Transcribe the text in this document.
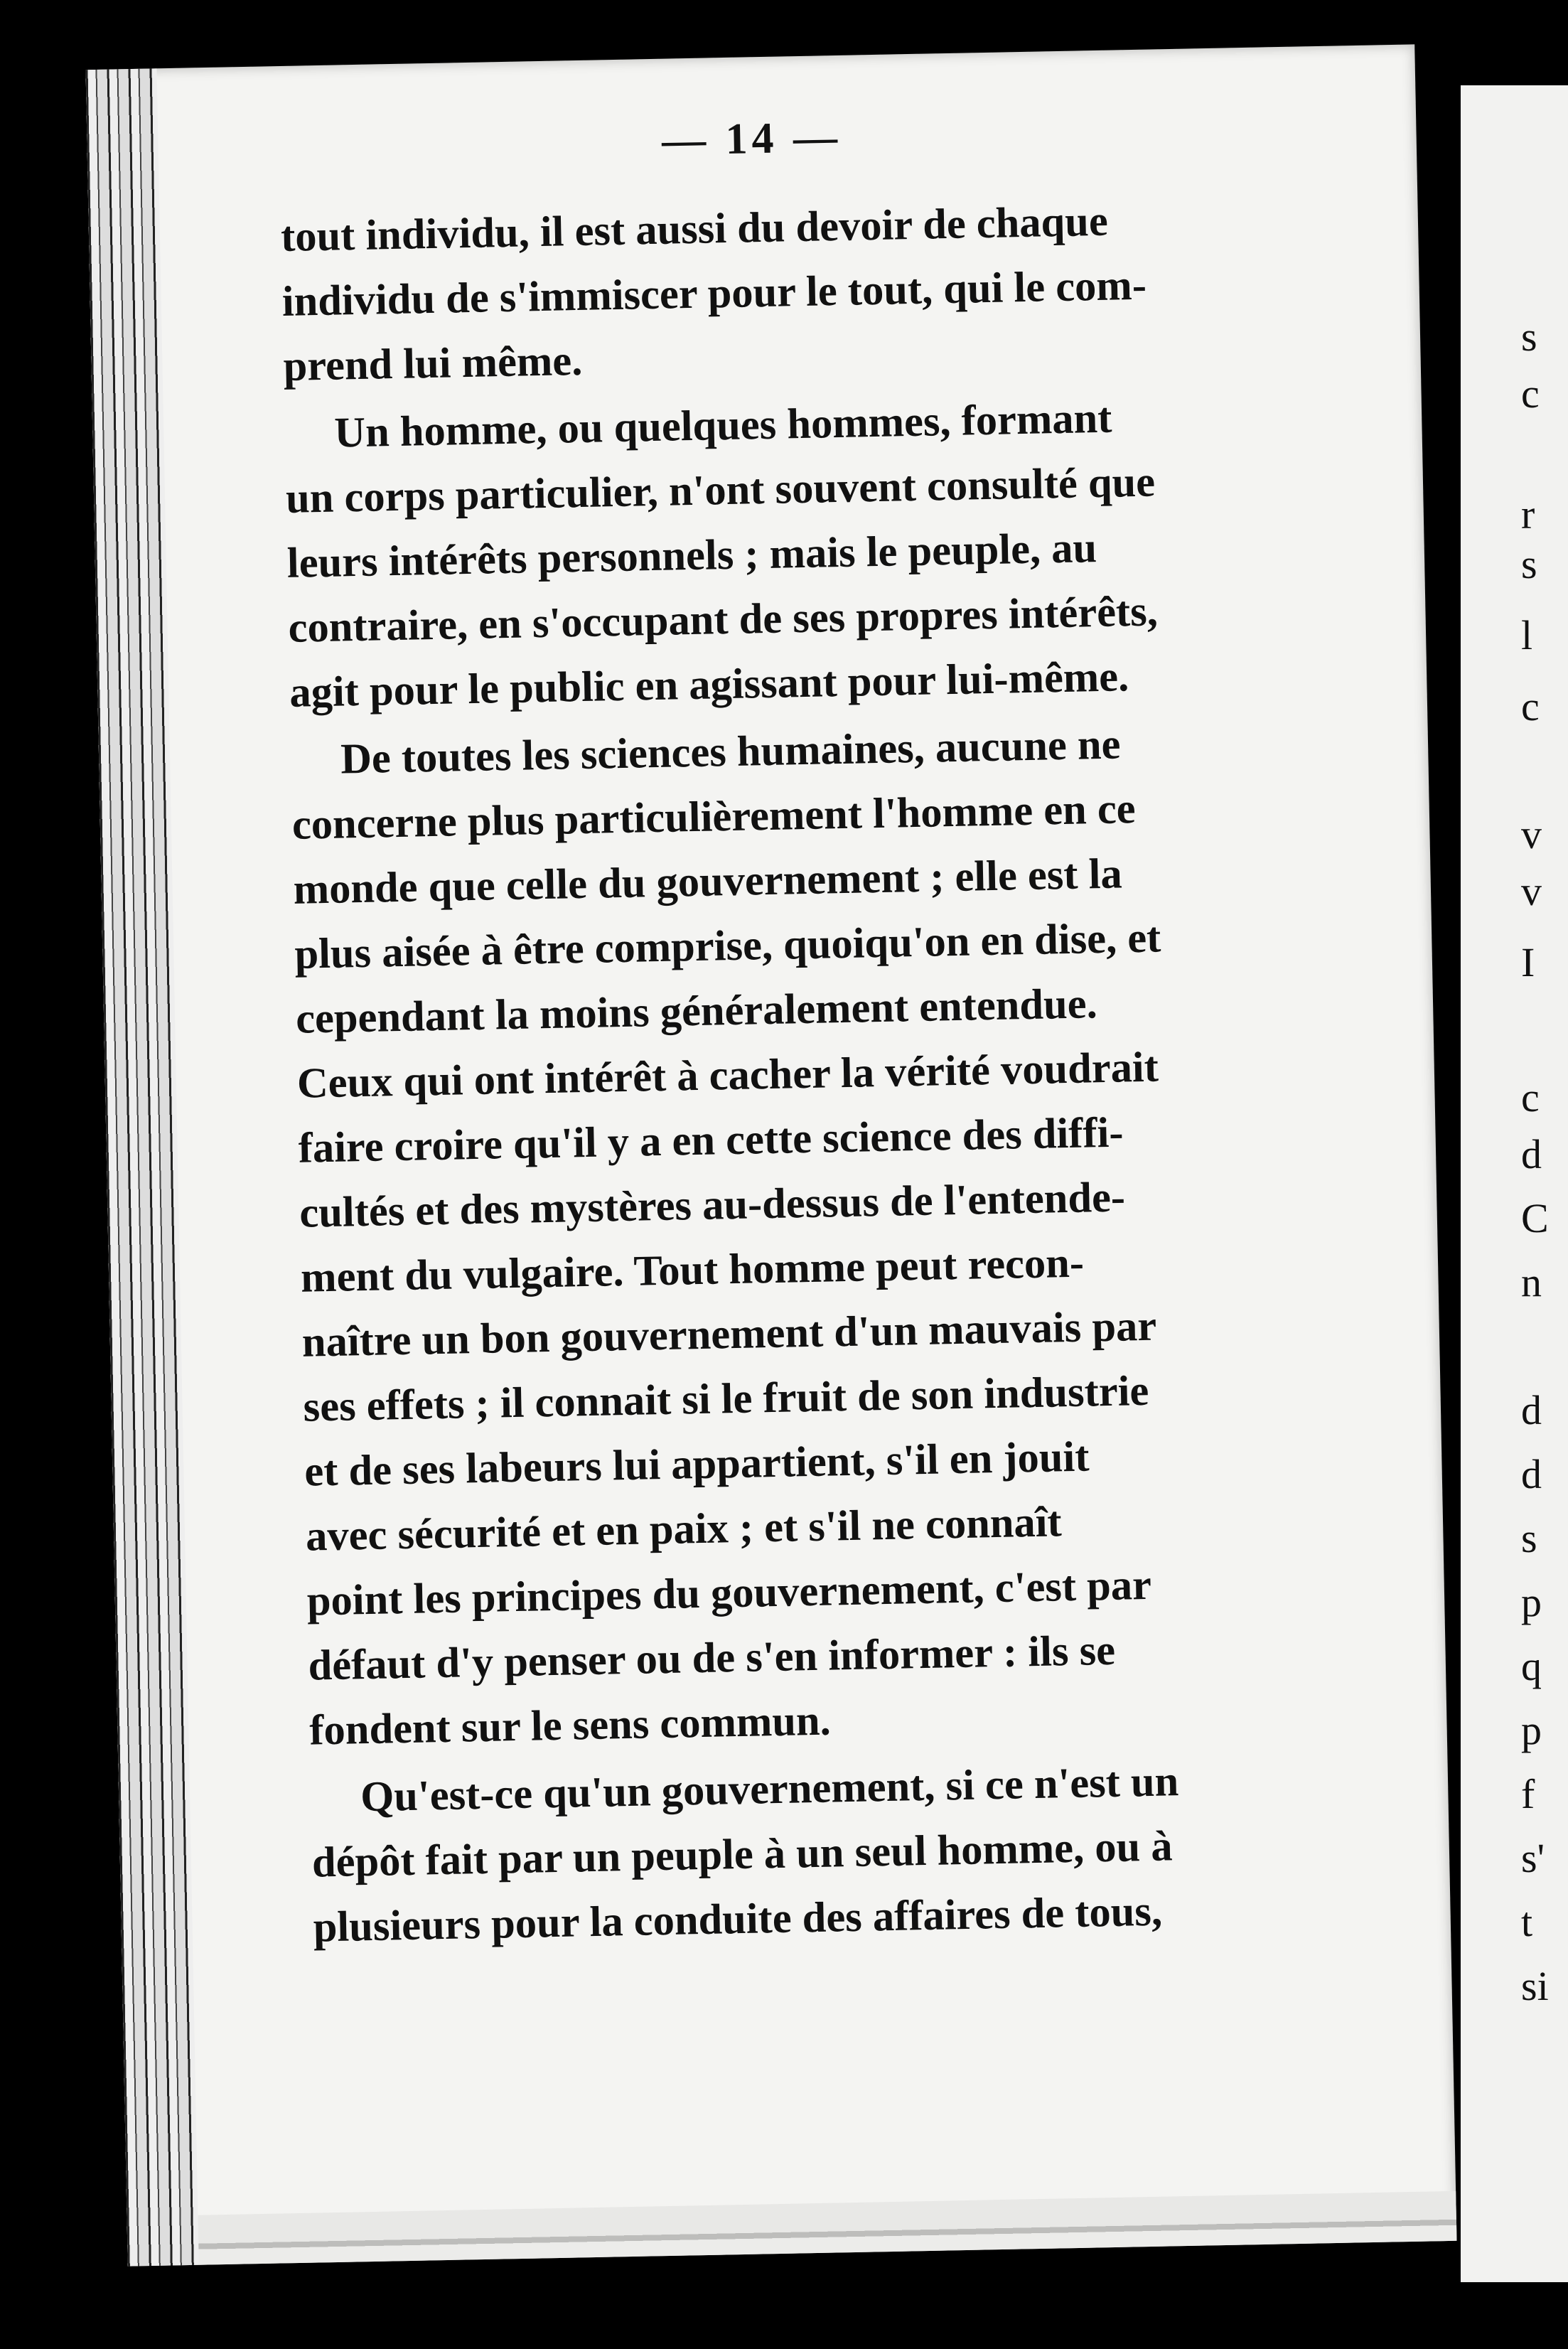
— 14 —

tout individu, il est aussi du devoir de chaque
individu de s'immiscer pour le tout, qui le com-
prend lui même.

Un homme, ou quelques hommes, formant
un corps particulier, n'ont souvent consulté que
leurs intérêts personnels ; mais le peuple, au
contraire, en s'occupant de ses propres intérêts,
agit pour le public en agissant pour lui-même.

De toutes les sciences humaines, aucune ne
concerne plus particulièrement l'homme en ce
monde que celle du gouvernement ; elle est la
plus aisée à être comprise, quoiqu'on en dise, et
cependant la moins généralement entendue.
Ceux qui ont intérêt à cacher la vérité voudrait
faire croire qu'il y a en cette science des diffi-
cultés et des mystères au-dessus de l'entende-
ment du vulgaire. Tout homme peut recon-
naître un bon gouvernement d'un mauvais par
ses effets ; il connait si le fruit de son industrie
et de ses labeurs lui appartient, s'il en jouit
avec sécurité et en paix ; et s'il ne connaît
point les principes du gouvernement, c'est par
défaut d'y penser ou de s'en informer : ils se
fondent sur le sens commun.

Qu'est-ce qu'un gouvernement, si ce n'est un
dépôt fait par un peuple à un seul homme, ou à
plusieurs pour la conduite des affaires de tous,

s
c
r
s
l
c
v
v
I
c
d
C
n
d
d
s
p
q
p
f
s'
t
si
